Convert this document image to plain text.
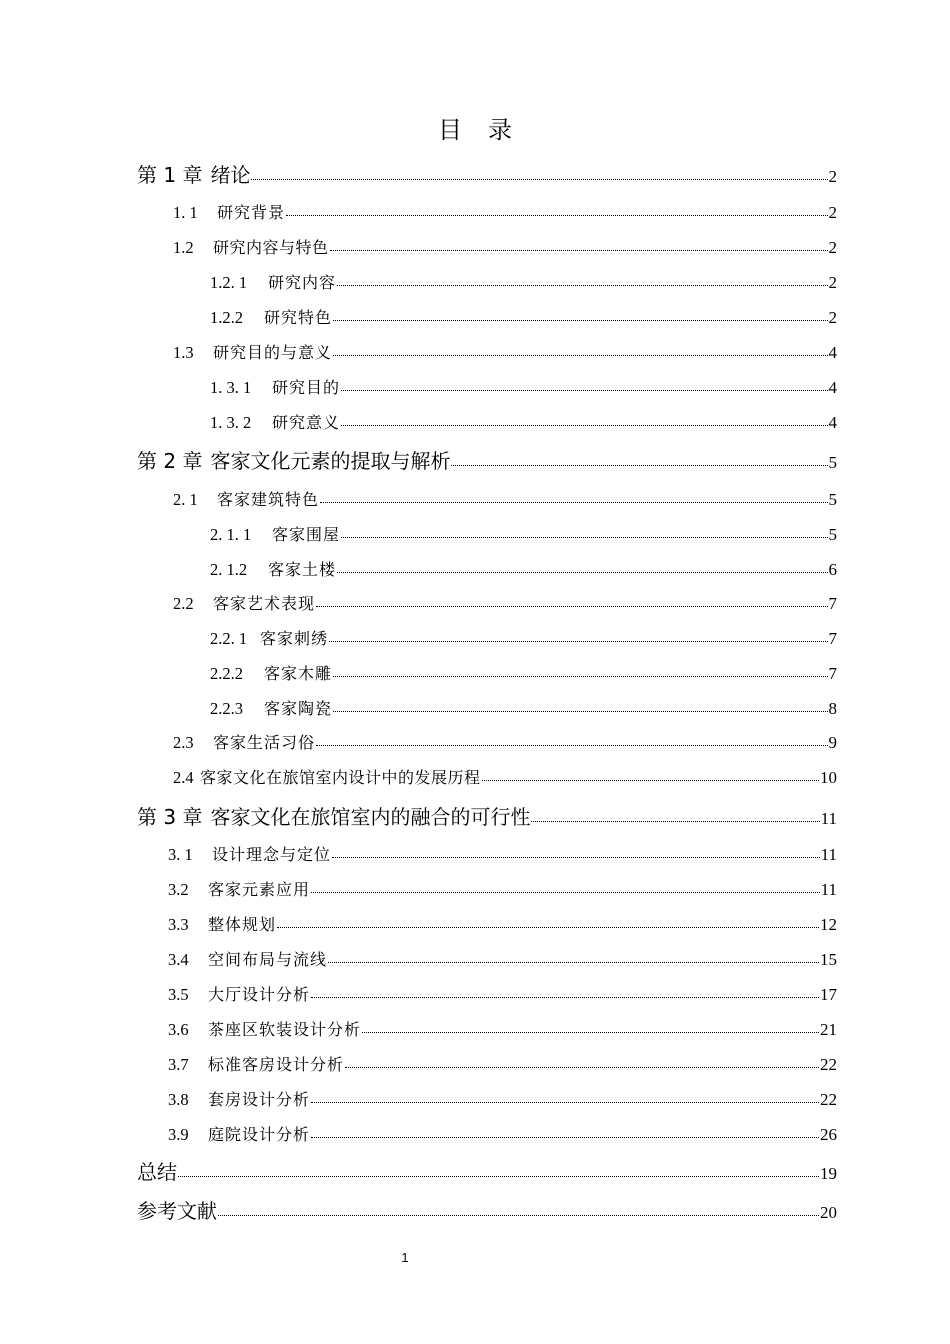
目录
第 1 章 绪论	2
1. 1	研究背景	2
1.2	研究内容与特色	2
1.2. 1	研究内容	2
1.2.2	研究特色	2
1.3	研究目的与意义	4
1. 3. 1	研究目的	4
1. 3. 2	研究意义	4
第 2 章 客家文化元素的提取与解析	5
2. 1	客家建筑特色	5
2. 1. 1	客家围屋	5
2. 1.2	客家土楼	6
2.2	客家艺术表现	7
2.2. 1 客家刺绣	7
2.2.2	客家木雕	7
2.2.3	客家陶瓷	8
2.3	客家生活习俗	9
2.4 客家文化在旅馆室内设计中的发展历程	10
第 3 章 客家文化在旅馆室内的融合的可行性	11
3. 1	设计理念与定位	11
3.2	客家元素应用	11
3.3	整体规划	12
3.4	空间布局与流线	15
3.5	大厅设计分析	17
3.6	茶座区软装设计分析	21
3.7	标准客房设计分析	22
3.8	套房设计分析	22
3.9	庭院设计分析	26
总结	19
参考文献	20
1
